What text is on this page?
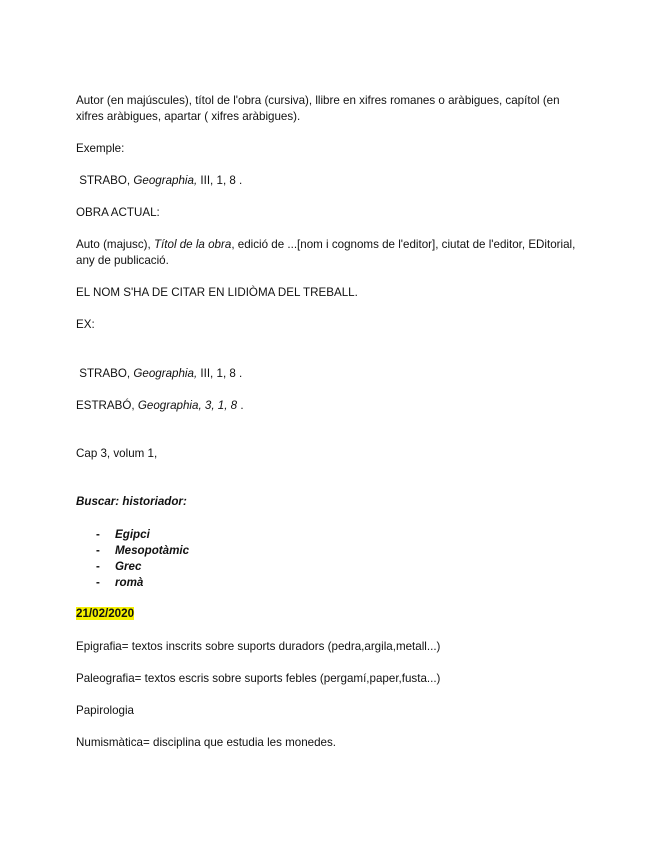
Autor (en majúscules), títol de l'obra (cursiva), llibre en xifres romanes o aràbigues, capítol (en xifres aràbigues, apartar ( xifres aràbigues).

Exemple:

STRABO, Geographia, III, 1, 8 .

OBRA ACTUAL:

Auto (majusc), Títol de la obra, edició de ...[nom i cognoms de l'editor], ciutat de l'editor, EDitorial, any de publicació.

EL NOM S'HA DE CITAR EN LIDIÒMA DEL TREBALL.

EX:

STRABO, Geographia, III, 1, 8 .

ESTRABÓ, Geographia, 3, 1, 8 .

Cap 3, volum 1,

Buscar: historiador:

- Egipci
- Mesopotàmic
- Grec
- romà

21/02/2020

Epigrafia= textos inscrits sobre suports duradors (pedra,argila,metall...)

Paleografia= textos escris sobre suports febles (pergamí,paper,fusta...)

Papirologia

Numismàtica= disciplina que estudia les monedes.
